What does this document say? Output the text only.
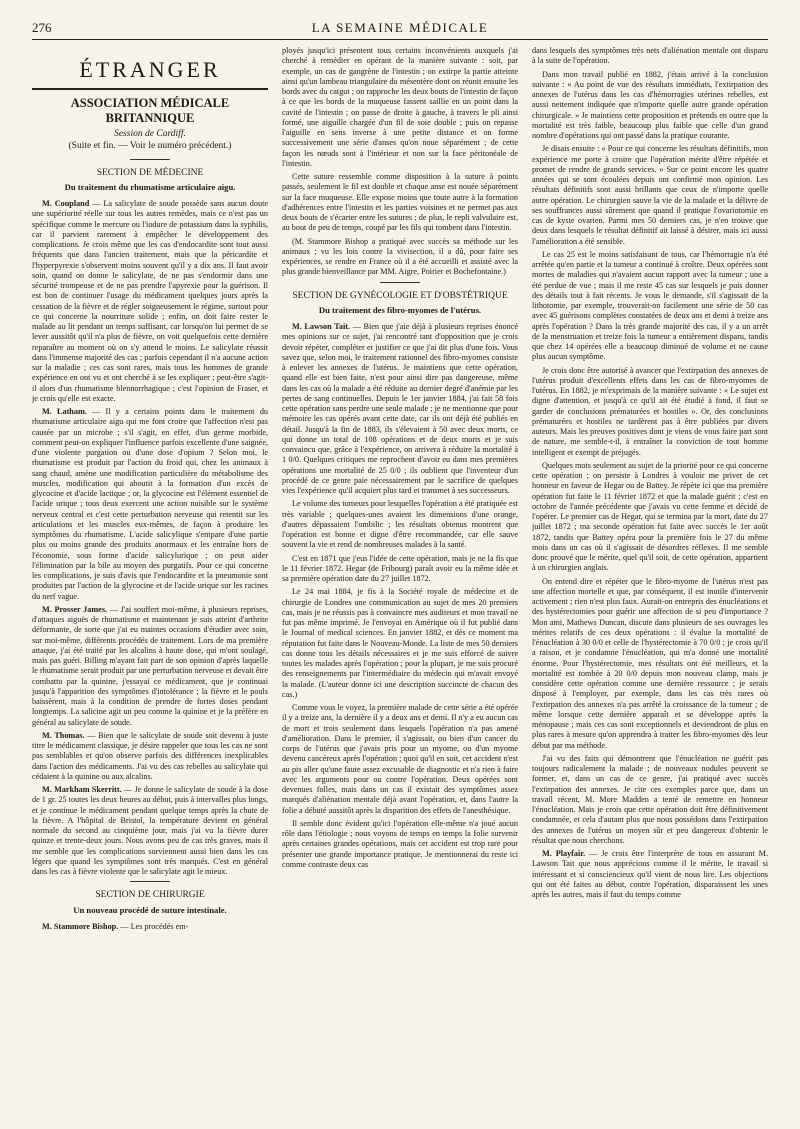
276	LA SEMAINE MÉDICALE
ÉTRANGER
ASSOCIATION MÉDICALE BRITANNIQUE
Session de Cardiff.
(Suite et fin. — Voir le numéro précédent.)
SECTION DE MÉDECINE
Du traitement du rhumatisme articulaire aigu.

M. Coupland — La salicylate de soude possède sans aucun doute une supériorité réelle sur tous les autres remèdes, mais ce n'est pas un spécifique comme le mercure ou l'iodure de potassium dans la syphilis, car il parvient rarement à empêcher le développement des complications. Je crois même que les cas d'endocardite sont tout aussi fréquents que dans l'ancien traitement, mais que la péricardite et l'hyperpyrexie s'observent moins souvent qu'il y a dix ans. Il faut avoir soin, quand on donne le salicylate, de ne pas s'endormir dans une sécurité trompeuse et de ne pas prendre l'apyrexie pour la guérison. Il est bon de continuer l'usage du médicament quelques jours après la cessation de la fièvre et de régler soigneusement le régime, surtout pour ce qui concerne la nourriture solide ; enfin, on doit faire rester le malade au lit pendant un temps suffisant, car lorsqu'on lui permet de se lever aussitôt qu'il n'a plus de fièvre, on voit quelquefois cette dernière reparaître au moment où on s'y attend le moins. Le salicylate réussit dans l'immense majorité des cas ; parfois cependant il n'a aucune action sur la maladie ; ces cas sont rares, mais tous les hommes de grande expérience en ont vu et ont cherché à se les expliquer ; peut-être s'agit-il alors d'un rhumatisme blennorrhagique ; c'est l'opinion de Fraser, et je crois qu'elle est exacte.

M. Latham. — Il y a certains points dans le traitement du rhumatisme articulaire aigu qui me font croire que l'affection n'est pas causée par un microbe ; s'il s'agit, en effet, d'un germe morbide, comment peut-on expliquer l'influence parfois excellente d'une saignée, d'une violente purgation ou d'une dose d'opium ? Selon moi, le rhumatisme est produit par l'action du froid qui, chez les animaux à sang chaud, amène une modification particulière du métabolisme des muscles, modification qui aboutit à la formation d'un excès de glycocine et d'acide lactique ; or, la glycocine est l'élément essentiel de l'acide urique ; tous deux exercent une action nuisible sur le système nerveux central et c'est cette perturbation nerveuse qui retentit sur les articulations et les muscles eux-mêmes, de façon à produire les symptômes du rhumatisme. L'acide salicylique s'empare d'une partie plus ou moins grande des produits anormaux et les entraîne hors de l'économie, sous forme d'acide salicylurique ; on peut aider l'élimination par la bile au moyen des purgatifs. Pour ce qui concerne les complications, je suis d'avis que l'endocardite et la pneumonie sont produites par l'action de la glycocine et de l'acide urique sur les racines du nerf vague.

M. Prosser James. — J'ai souffert moi-même, à plusieurs reprises, d'attaques aiguës de rhumatisme et maintenant je suis atteint d'arthrite déformante, de sorte que j'ai eu maintes occasions d'étudier avec soin, sur moi-même, différents procédés de traitement. Lors de ma première attaque, j'ai été traité par les alcalins à haute dose, qui m'ont soulagé, mais pas guéri. Billing m'ayant fait part de son opinion d'après laquelle le rhumatisme serait produit par une perturbation nerveuse et devait être combattu par la quinine, j'essayai ce médicament, que je continuai jusqu'à l'apparition des symptômes d'intolérance ; la fièvre et le pouls baissèrent, mais à la condition de prendre de fortes doses pendant longtemps. La salicine agit un peu comme la quinine et je la préfère en général au salicylate de soude.

M. Thomas. — Bien que le salicylate de soude soit devenu à juste titre le médicament classique, je désire rappeler que tous les cas ne sont pas semblables et qu'on observe parfois des différences inexplicables dans l'action des médicaments. J'ai vu des cas rebelles au salicylate qui cédaient à la quinine ou aux alcalins.

M. Markham Skerritt. — Je donne le salicylate de soude à la dose de 1 gr. 25 toutes les deux heures au début, puis à intervalles plus longs, et je continue le médicament pendant quelque temps après la chute de la fièvre. A l'hôpital de Bristol, la température devient en général normale du second au cinquième jour, mais j'ai vu la fièvre durer quinze et trente-deux jours. Nous avons peu de cas très graves, mais il me semble que les complications surviennent aussi bien dans les cas légers que quand les symptômes sont très marqués. C'est en général dans les cas à fièvre violente que le salicylate agit le mieux.

SECTION DE CHIRURGIE
Un nouveau procédé de suture intestinale.

M. Stammore Bishop. — Les procédés em-

ployés jusqu'ici présentent tous certains inconvénients auxquels j'ai cherché à remédier en opérant de la manière suivante : soit, par exemple, un cas de gangrène de l'intestin ; on extirpe la partie atteinte ainsi qu'un lambeau triangulaire du mésentère dont on réunit ensuite les bords avec du catgut ; on rapproche les deux bouts de l'intestin de façon à ce que les bords de la muqueuse fassent saillie en un point dans la cavité de l'intestin ; on passe de droite à gauche, à travers le pli ainsi formé, une aiguille chargée d'un fil de soie double ; puis on repasse l'aiguille en sens inverse à une petite distance et on forme successivement une série d'anses qu'on noue séparément ; de cette façon les nœuds sont à l'intérieur et non sur la face péritonéale de l'intestin.

Cette suture ressemble comme disposition à la suture à points passés, seulement le fil est double et chaque anse est nouée séparément sur la face muqueuse. Elle expose moins que toute autre à la formation d'adhérences entre l'intestin et les parties voisines et ne permet pas aux deux bouts de s'écarter entre les sutures ; de plus, le repli valvulaire est, au bout de peu de temps, coupé par les fils qui tombent dans l'intestin.

(M. Stammore Bishop a pratiqué avec succès sa méthode sur les animaux ; vu les lois contre la vivisection, il a dû, pour faire ses expériences, se rendre en France où il a été accueilli et assisté avec la plus grande bienveillance par MM. Aigre, Poirier et Bochefontaine.)

SECTION DE GYNÉCOLOGIE ET D'OBSTÉTRIQUE
Du traitement des fibro-myomes de l'utérus.

M. Lawson Tait. — Bien que j'aie déjà à plusieurs reprises énoncé mes opinions sur ce sujet, j'ai rencontré tant d'opposition que je crois devoir répéter, compléter et justifier ce que j'ai dit plus d'une fois. Vous savez que, selon moi, le traitement rationnel des fibro-myomes consiste à enlever les annexes de l'utérus. Je maintiens que cette opération, quand elle est bien faite, n'est pour ainsi dire pas dangereuse, même dans les cas où la malade a été réduite au dernier degré d'anémie par les pertes de sang continuelles. Depuis le 1er janvier 1884, j'ai fait 58 fois cette opération sans perdre une seule malade ; je ne mentionne que pour mémoire les cas opérés avant cette date, car ils ont déjà été publiés en détail. Jusqu'à la fin de 1883, ils s'élevaient à 50 avec deux morts, ce qui donne un total de 108 opérations et de deux morts et je suis convaincu que, grâce à l'expérience, on arrivera à réduire la mortalité à 1 0/0. Quelques critiques me reprochent d'avoir eu dans mes premières opérations une mortalité de 25 0/0 ; ils oublient que l'inventeur d'un procédé de ce genre paie nécessairement par le sacrifice de quelques vies l'expérience qu'il acquiert plus tard et transmet à ses successeurs.

Le volume des tumeurs pour lesquelles l'opération a été pratiquée est très variable ; quelques-unes avaient les dimensions d'une orange, d'autres dépassaient l'ombilic ; les résultats obtenus montrent que l'opération est bonne et digne d'être recommandée, car elle sauve souvent la vie et rend de nombreuses malades à la santé.

C'est en 1871 que j'eus l'idée de cette opération, mais je ne la fis que le 11 février 1872. Hegar (de Fribourg) paraît avoir eu la même idée et sa première opération date du 27 juillet 1872.

Le 24 mai 1884, je fis à la Société royale de médecine et de chirurgie de Londres une communication au sujet de mes 20 premiers cas, mais je ne réussis pas à convaincre mes auditeurs et mon travail ne fut pas même imprimé. Je l'envoyai en Amérique où il fut publié dans le Journal of medical sciences. En janvier 1882, et dès ce moment ma réputation fut faite dans le Nouveau-Monde. La liste de mes 50 derniers cas donne tous les détails nécessaires et je me suis efforcé de suivre toutes les malades après l'opération ; pour la plupart, je me suis procuré des renseignements par l'intermédiaire du médecin qui m'avait envoyé la malade. (L'auteur donne ici une description succincte de chacun des cas.)

Comme vous le voyez, la première malade de cette série a été opérée il y a treize ans, la dernière il y a deux ans et demi. Il n'y a eu aucun cas de mort et trois seulement dans lesquels l'opération n'a pas amené d'amélioration. Dans le premier, il s'agissait, ou bien d'un cancer du corps de l'utérus que j'avais pris pour un myome, ou d'un myome devenu cancéreux après l'opération ; quoi qu'il en soit, cet accident n'est au pis aller qu'une faute assez excusable de diagnostic et n'a rien à faire avec les arguments pour ou contre l'opération. Deux opérées sont devenues folles, mais dans un cas il existait des symptômes assez marqués d'aliénation mentale déjà avant l'opération, et, dans l'autre la folie a débuté aussitôt après la disparition des effets de l'anesthésique.

Il semble donc évident qu'ici l'opération elle-même n'a joué aucun rôle dans l'étiologie ; nous voyons de temps en temps la folie survenir après certaines grandes opérations, mais cet accident est trop rare pour présenter une grande importance pratique. Je mentionnerai du reste ici comme contraste deux cas

dans lesquels des symptômes très nets d'aliénation mentale ont disparu à la suite de l'opération.

Dans mon travail publié en 1882, j'étais arrivé à la conclusion suivante : « Au point de vue des résultats immédiats, l'extirpation des annexes de l'utérus dans les cas d'hémorragies utérines rebelles, est aussi nettement indiquée que n'importe quelle autre grande opération chirurgicale. » Je maintiens cette proposition et prétends en outre que la mortalité est très faible, beaucoup plus faible que celle d'un grand nombre d'opérations qui ont passé dans la pratique courante.

Je disais ensuite : « Pour ce qui concerne les résultats définitifs, mon expérience me porte à croire que l'opération mérite d'être répétée et promet de rendre de grands services. » Sur ce point encore les quatre années qui se sont écoulées depuis ont confirmé mon opinion. Les résultats définitifs sont aussi brillants que ceux de n'importe quelle autre opération. Le chirurgien sauve la vie de la malade et la délivre de ses souffrances aussi sûrement que quand il pratique l'ovariotomie en cas de kyste ovarien. Parmi mes 50 derniers cas, je n'en trouve que deux dans lesquels le résultat définitif ait laissé à désirer, mais ici aussi l'amélioration a été sensible.

Le cas 25 est le moins satisfaisant de tous, car l'hémorragie n'a été arrêtée qu'en partie et la tumeur a continué à croître. Deux opérées sont mortes de maladies qui n'avaient aucun rapport avec la tumeur ; une a été perdue de vue ; mais il me reste 45 cas sur lesquels je puis donner des détails tout à fait récents. Je vous le demande, s'il s'agissait de la lithotomie, par exemple, trouverait-on facilement une série de 50 cas avec 45 guérisons complètes constatées de deux ans et demi à treize ans après l'opération ? Dans la très grande majorité des cas, il y a un arrêt de la menstruation et treize fois la tumeur a entièrement disparu, tandis que chez 14 opérées elle a beaucoup diminué de volume et ne cause plus aucun symptôme.

Je crois donc être autorisé à avancer que l'extirpation des annexes de l'utérus produit d'excellents effets dans les cas de fibro-myomes de l'utérus. En 1882, je m'exprimais de la manière suivante : « Le sujet est digne d'attention, et jusqu'à ce qu'il ait été étudié à fond, il faut se garder de conclusions prématurées et hostiles ». Or, des conclusions prématurées et hostiles ne tardèrent pas à être publiées par divers auteurs. Mais les preuves positives dont je viens de vous faire part sont de nature, me semble-t-il, à entraîner la conviction de tout homme intelligent et exempt de préjugés.

Quelques mots seulement au sujet de la priorité pour ce qui concerne cette opération ; on persiste à Londres à vouloir me priver de cet honneur en faveur de Hegar ou de Battey. Je répète ici que ma première opération fut faite le 11 février 1872 et que la malade guérit ; c'est en octobre de l'année précédente que j'avais vu cette femme et décidé de l'opérer. Le premier cas de Hegar, qui se termina par la mort, date du 27 juillet 1872 ; ma seconde opération fut faite avec succès le 1er août 1872, tandis que Battey opéra pour la première fois le 27 du même mois dans un cas où il s'agissait de désordres réflexes. Il me semble donc prouvé que le mérite, quel qu'il soit, de cette opération, appartient à un chirurgien anglais.

On entend dire et répéter que le fibro-myome de l'utérus n'est pas une affection mortelle et que, par conséquent, il est inutile d'intervenir activement ; rien n'est plus faux. Aurait-on entrepris des énucléations et des hystérectomies pour guérir une affection de si peu d'importance ? Mon ami, Mathews Duncan, discute dans plusieurs de ses ouvrages les mérites relatifs de ces deux opérations : il évalue la mortalité de l'énucléation à 30 0/0 et celle de l'hystérectomie à 70 0/0 ; je crois qu'il a raison, et je condamne l'énucléation, qui m'a donné une mortalité énorme. Pour l'hystérectomie, mes résultats ont été meilleurs, et la mortalité est tombée à 20 0/0 depuis mon nouveau clamp, mais je considère cette opération comme une dernière ressource ; je serais disposé à l'employer, par exemple, dans les cas très rares où l'extirpation des annexes n'a pas arrêté la croissance de la tumeur ; de même lorsque cette dernière apparaît et se développe après la ménopause ; mais ces cas sont exceptionnels et deviendront de plus en plus rares à mesure qu'on apprendra à traiter les fibro-myomes dès leur début par ma méthode.

J'ai vu des faits qui démontrent que l'énucléation ne guérit pas toujours radicalement la malade ; de nouveaux nodules peuvent se former, et, dans un cas de ce genre, j'ai pratiqué avec succès l'extirpation des annexes. Je cite ces exemples parce que, dans un travail récent, M. More Madden a tenté de remettre en honneur l'énucléation. Mais je crois que cette opération doit être définitivement condamnée, et cela d'autant plus que nous possédons dans l'extirpation des annexes de l'utérus un moyen sûr et peu dangereux d'obtenir le résultat que nous cherchons.

M. Playfair. — Je crois être l'interprète de tous en assurant M. Lawson Tait que nous apprécions comme il le mérite, le travail si intéressant et si consciencieux qu'il vient de nous lire. Les objections qui ont été faites au début, contre l'opération, disparaissent les unes après les autres, mais il faut du temps comme
